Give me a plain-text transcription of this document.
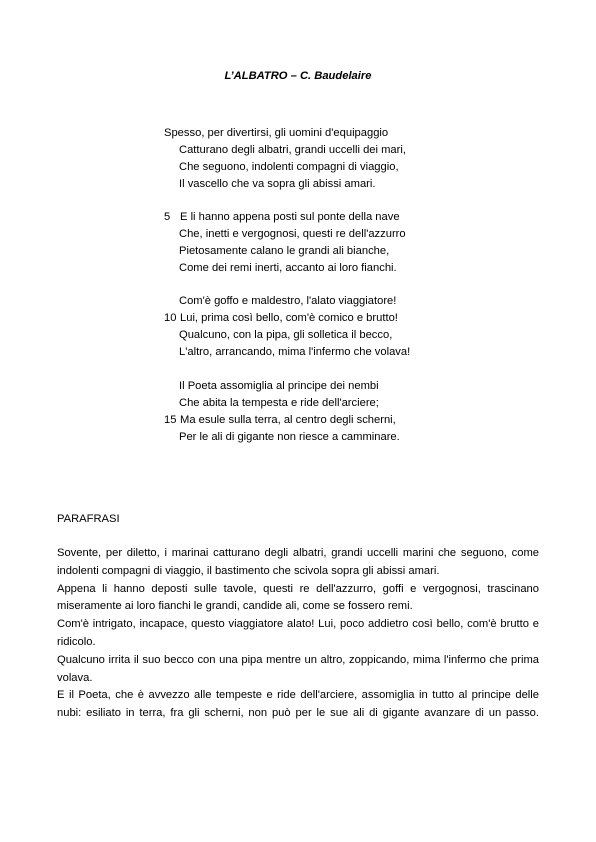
L’ALBATRO – C. Baudelaire
Spesso, per divertirsi, gli uomini d'equipaggio
Catturano degli albatri, grandi uccelli dei mari,
Che seguono, indolenti compagni di viaggio,
Il vascello che va sopra gli abissi amari.
5 E li hanno appena posti sul ponte della nave
Che, inetti e vergognosi, questi re dell'azzurro
Pietosamente calano le grandi ali bianche,
Come dei remi inerti, accanto ai loro fianchi.
Com'è goffo e maldestro, l'alato viaggiatore!
10 Lui, prima così bello, com'è comico e brutto!
Qualcuno, con la pipa, gli solletica il becco,
L'altro, arrancando, mima l'infermo che volava!
Il Poeta assomiglia al principe dei nembi
Che abita la tempesta e ride dell'arciere;
15 Ma esule sulla terra, al centro degli scherni,
Per le ali di gigante non riesce a camminare.
PARAFRASI

Sovente, per diletto, i marinai catturano degli albatri, grandi uccelli marini che seguono, come indolenti compagni di viaggio, il bastimento che scivola sopra gli abissi amari.

Appena li hanno deposti sulle tavole, questi re dell'azzurro, goffi e vergognosi, trascinano miseramente ai loro fianchi le grandi, candide ali, come se fossero remi.

Com'è intrigato, incapace, questo viaggiatore alato! Lui, poco addietro così bello, com'è brutto e ridicolo.

Qualcuno irrita il suo becco con una pipa mentre un altro, zoppicando, mima l'infermo che prima volava.

E il Poeta, che è avvezzo alle tempeste e ride dell'arciere, assomiglia in tutto al principe delle nubi: esiliato in terra, fra gli scherni, non può per le sue ali di gigante avanzare di un passo.
